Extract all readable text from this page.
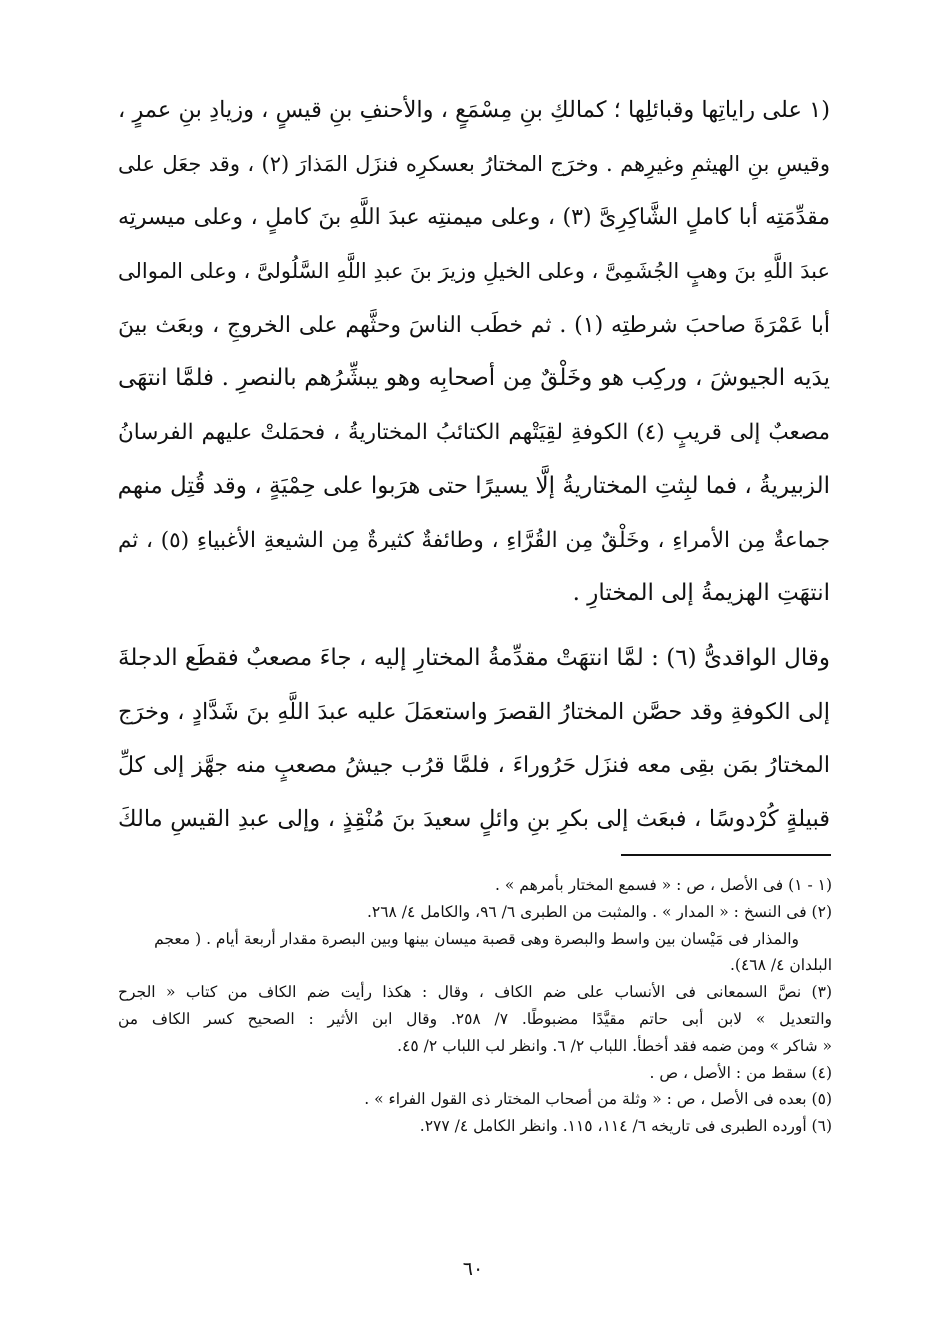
(١ على راياتِها وقبائلِها ؛ كمالكِ بنِ مِسْمَعٍ ، والأحنفِ بنِ قيسٍ ، وزيادِ بنِ عمرٍ ،
وقيسِ بنِ الهيثمِ وغيرِهم . وخرَج المختارُ بعسكرِه فنزَل المَذارَ (٢) ، وقد جعَل على
مقدِّمَتِه أبا كاملٍ الشَّاكِرِىَّ (٣) ، وعلى ميمنتِه عبدَ اللَّهِ بنَ كاملٍ ، وعلى ميسرتِه
عبدَ اللَّهِ بنَ وهبٍ الجُشَمِىَّ ، وعلى الخيلِ وزيرَ بنَ عبدِ اللَّهِ السَّلُولىَّ ، وعلى الموالى
أبا عَمْرَةَ صاحبَ شرطتِه (١) . ثم خطَب الناسَ وحثَّهم على الخروجِ ، وبعَث بينَ
يدَيه الجيوشَ ، وركِب هو وخَلْقٌ مِن أصحابِه وهو يبشِّرُهم بالنصرِ . فلمَّا انتهَى
مصعبٌ إلى قريبٍ (٤) الكوفةِ لقِيَتْهم الكتائبُ المختاريةُ ، فحمَلتْ عليهم الفرسانُ
الزبيريةُ ، فما لبِثتِ المختاريةُ إلَّا يسيرًا حتى هرَبوا على حِمْيَةٍ ، وقد قُتِل منهم
جماعةٌ مِن الأمراءِ ، وخَلْقٌ مِن القُرَّاءِ ، وطائفةٌ كثيرةٌ مِن الشيعةِ الأغبياءِ (٥) ، ثم
انتهَتِ الهزيمةُ إلى المختارِ .
وقال الواقدىُّ (٦) : لمَّا انتهَتْ مقدِّمةُ المختارِ إليه ، جاءَ مصعبٌ فقطَع الدجلةَ
إلى الكوفةِ وقد حصَّن المختارُ القصرَ واستعمَلَ عليه عبدَ اللَّهِ بنَ شَدَّادٍ ، وخرَج
المختارُ بمَن بقِى معه فنزَل حَرُوراءَ ، فلمَّا قرُب جيشُ مصعبٍ منه جهَّز إلى كلِّ
قبيلةٍ كُرْدوسًا ، فبعَث إلى بكرِ بنِ وائلٍ سعيدَ بنَ مُنْقِذٍ ، وإلى عبدِ القيسِ مالكَ
(١ - ١) فى الأصل ، ص : « فسمع المختار بأمرهم » .
(٢) فى النسخ : « المدار » . والمثبت من الطبرى ٦/ ٩٦، والكامل ٤/ ٢٦٨.
والمذار فى مَيْسان بين واسط والبصرة وهى قصبة ميسان بينها وبين البصرة مقدار أربعة أيام . ( معجم
البلدان ٤/ ٤٦٨).
(٣) نصَّ السمعانى فى الأنساب على ضم الكاف ، وقال : هكذا رأيت ضم الكاف من كتاب « الجرح
والتعديل » لابن أبى حاتم مقيَّدًا مضبوطًا. ٧/ ٢٥٨. وقال ابن الأثير : الصحيح كسر الكاف من
« شاكر » ومن ضمه فقد أخطأ. اللباب ٢/ ٦. وانظر لب اللباب ٢/ ٤٥.
(٤) سقط من : الأصل ، ص .
(٥) بعده فى الأصل ، ص : « وثلة من أصحاب المختار ذى القول الفراء » .
(٦) أورده الطبرى فى تاريخه ٦/ ١١٤، ١١٥. وانظر الكامل ٤/ ٢٧٧.
٦٠
